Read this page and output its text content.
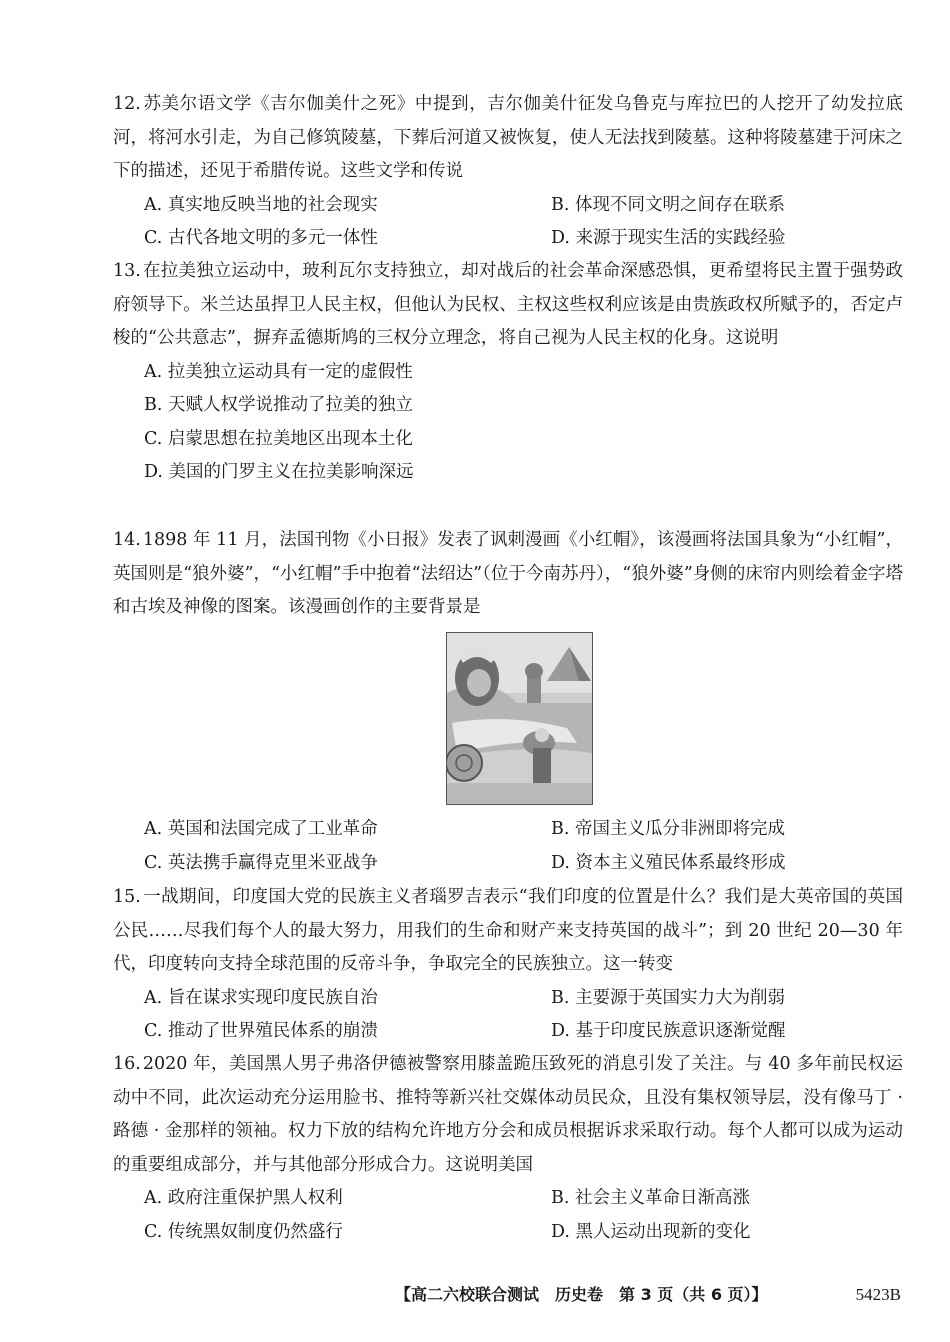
12. 苏美尔语文学《吉尔伽美什之死》中提到，吉尔伽美什征发乌鲁克与库拉巴的人挖开了幼发拉底河，将河水引走，为自己修筑陵墓，下葬后河道又被恢复，使人无法找到陵墓。这种将陵墓建于河床之下的描述，还见于希腊传说。这些文学和传说

A. 真实地反映当地的社会现实	B. 体现不同文明之间存在联系
C. 古代各地文明的多元一体性	D. 来源于现实生活的实践经验

13. 在拉美独立运动中，玻利瓦尔支持独立，却对战后的社会革命深感恐惧，更希望将民主置于强势政府领导下。米兰达虽捍卫人民主权，但他认为民权、主权这些权利应该是由贵族政权所赋予的，否定卢梭的“公共意志”，摒弃孟德斯鸠的三权分立理念，将自己视为人民主权的化身。这说明

A. 拉美独立运动具有一定的虚假性
B. 天赋人权学说推动了拉美的独立
C. 启蒙思想在拉美地区出现本土化
D. 美国的门罗主义在拉美影响深远

14. 1898 年 11 月，法国刊物《小日报》发表了讽刺漫画《小红帽》，该漫画将法国具象为“小红帽”，英国则是“狼外婆”，“小红帽”手中抱着“法绍达”（位于今南苏丹），“狼外婆”身侧的床帘内则绘着金字塔和古埃及神像的图案。该漫画创作的主要背景是

A. 英国和法国完成了工业革命	B. 帝国主义瓜分非洲即将完成
C. 英法携手赢得克里米亚战争	D. 资本主义殖民体系最终形成

15. 一战期间，印度国大党的民族主义者瑙罗吉表示“我们印度的位置是什么？我们是大英帝国的英国公民……尽我们每个人的最大努力，用我们的生命和财产来支持英国的战斗”；到 20 世纪 20—30 年代，印度转向支持全球范围的反帝斗争，争取完全的民族独立。这一转变

A. 旨在谋求实现印度民族自治	B. 主要源于英国实力大为削弱
C. 推动了世界殖民体系的崩溃	D. 基于印度民族意识逐渐觉醒

16. 2020 年，美国黑人男子弗洛伊德被警察用膝盖跪压致死的消息引发了关注。与 40 多年前民权运动中不同，此次运动充分运用脸书、推特等新兴社交媒体动员民众，且没有集权领导层，没有像马丁 · 路德 · 金那样的领袖。权力下放的结构允许地方分会和成员根据诉求采取行动。每个人都可以成为运动的重要组成部分，并与其他部分形成合力。这说明美国

A. 政府注重保护黑人权利	B. 社会主义革命日渐高涨
C. 传统黑奴制度仍然盛行	D. 黑人运动出现新的变化
【高二六校联合测试　历史卷　第 3 页（共 6 页）】	5423B
